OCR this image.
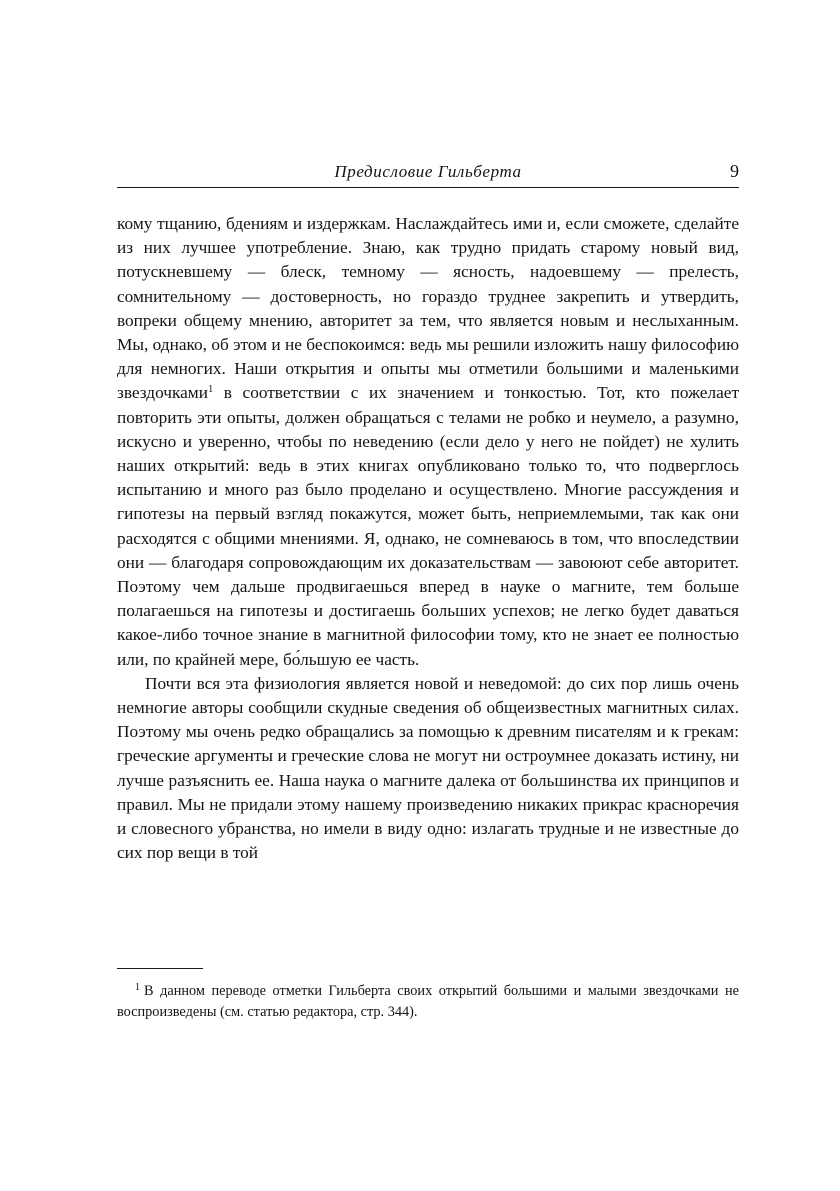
Предисловие Гильберта	9

кому тщанию, бдениям и издержкам. Наслаждайтесь ими и, если сможете, сделайте из них лучшее употребление. Знаю, как трудно придать старому новый вид, потускневшему — блеск, темному — ясность, надоевшему — прелесть, сомнительному — достоверность, но гораздо труднее закрепить и утвердить, вопреки общему мнению, авторитет за тем, что является новым и неслыханным. Мы, однако, об этом и не беспокоимся: ведь мы решили изложить нашу философию для немногих. Наши открытия и опыты мы отметили большими и маленькими звездочками$^1$ в соответствии с их значением и тонкостью. Тот, кто пожелает повторить эти опыты, должен обращаться с телами не робко и неумело, а разумно, искусно и уверенно, чтобы по неведению (если дело у него не пойдет) не хулить наших открытий: ведь в этих книгах опубликовано только то, что подверглось испытанию и много раз было проделано и осуществлено. Многие рассуждения и гипотезы на первый взгляд покажутся, может быть, неприемлемыми, так как они расходятся с общими мнениями. Я, однако, не сомневаюсь в том, что впоследствии они — благодаря сопровождающим их доказательствам — завоюют себе авторитет. Поэтому чем дальше продвигаешься вперед в науке о магните, тем больше полагаешься на гипотезы и достигаешь больших успехов; не легко будет даваться какое-либо точное знание в магнитной философии тому, кто не знает ее полностью или, по крайней мере, бо́льшую ее часть.

Почти вся эта физиология является новой и неведомой: до сих пор лишь очень немногие авторы сообщили скудные сведения об общеизвестных магнитных силах. Поэтому мы очень редко обращались за помощью к древним писателям и к грекам: греческие аргументы и греческие слова не могут ни остроумнее доказать истину, ни лучше разъяснить ее. Наша наука о магните далека от большинства их принципов и правил. Мы не придали этому нашему произведению никаких прикрас красноречия и словесного убранства, но имели в виду одно: излагать трудные и не известные до сих пор вещи в той

$^1$ В данном переводе отметки Гильберта своих открытий большими и малыми звездочками не воспроизведены (см. статью редактора, стр. 344).
